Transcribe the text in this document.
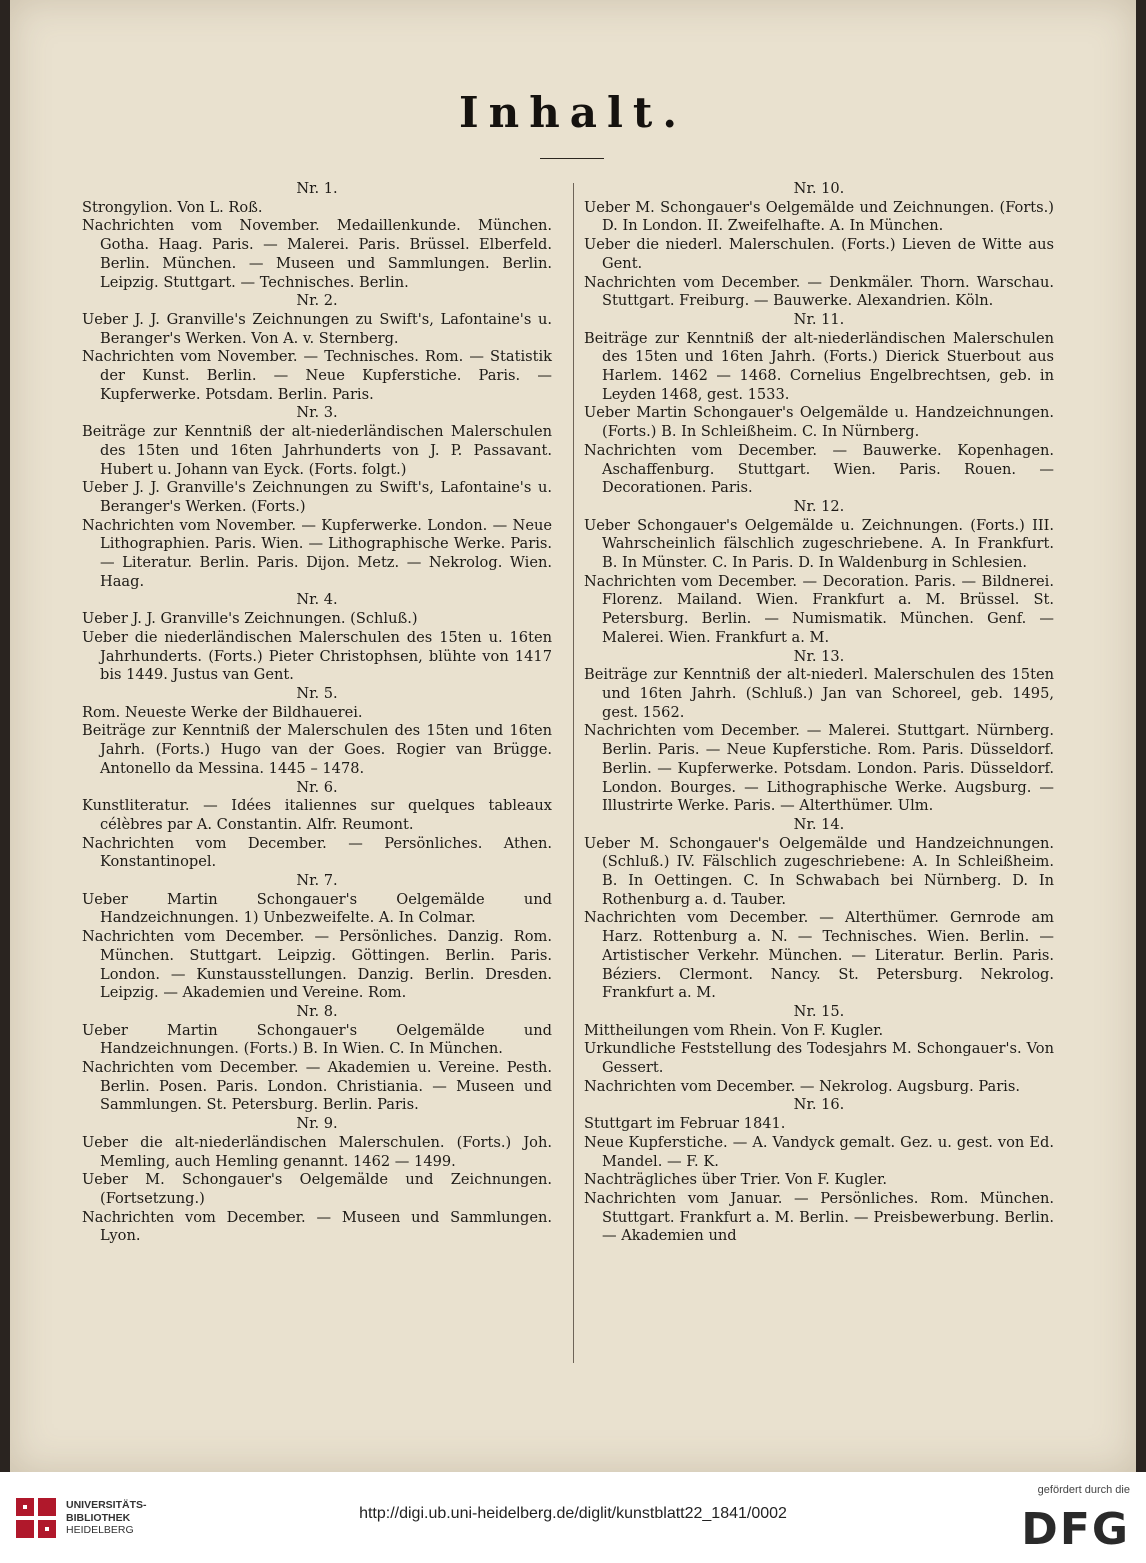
Inhalt.

Nr. 1.

Strongylion. Von L. Roß.

Nachrichten vom November. Medaillenkunde. München. Gotha. Haag. Paris. — Malerei. Paris. Brüssel. Elberfeld. Berlin. München. — Museen und Sammlungen. Berlin. Leipzig. Stuttgart. — Technisches. Berlin.

Nr. 2.

Ueber J. J. Granville's Zeichnungen zu Swift's, Lafontaine's u. Beranger's Werken. Von A. v. Sternberg.

Nachrichten vom November. — Technisches. Rom. — Statistik der Kunst. Berlin. — Neue Kupferstiche. Paris. — Kupferwerke. Potsdam. Berlin. Paris.

Nr. 3.

Beiträge zur Kenntniß der alt-niederländischen Malerschulen des 15ten und 16ten Jahrhunderts von J. P. Passavant. Hubert u. Johann van Eyck. (Forts. folgt.)

Ueber J. J. Granville's Zeichnungen zu Swift's, Lafontaine's u. Beranger's Werken. (Forts.)

Nachrichten vom November. — Kupferwerke. London. — Neue Lithographien. Paris. Wien. — Lithographische Werke. Paris. — Literatur. Berlin. Paris. Dijon. Metz. — Nekrolog. Wien. Haag.

Nr. 4.

Ueber J. J. Granville's Zeichnungen. (Schluß.)

Ueber die niederländischen Malerschulen des 15ten u. 16ten Jahrhunderts. (Forts.) Pieter Christophsen, blühte von 1417 bis 1449. Justus van Gent.

Nr. 5.

Rom. Neueste Werke der Bildhauerei.

Beiträge zur Kenntniß der Malerschulen des 15ten und 16ten Jahrh. (Forts.) Hugo van der Goes. Rogier van Brügge. Antonello da Messina. 1445 – 1478.

Nr. 6.

Kunstliteratur. — Idées italiennes sur quelques tableaux célèbres par A. Constantin. Alfr. Reumont.

Nachrichten vom December. — Persönliches. Athen. Konstantinopel.

Nr. 7.

Ueber Martin Schongauer's Oelgemälde und Handzeichnungen. 1) Unbezweifelte. A. In Colmar.

Nachrichten vom December. — Persönliches. Danzig. Rom. München. Stuttgart. Leipzig. Göttingen. Berlin. Paris. London. — Kunstausstellungen. Danzig. Berlin. Dresden. Leipzig. — Akademien und Vereine. Rom.

Nr. 8.

Ueber Martin Schongauer's Oelgemälde und Handzeichnungen. (Forts.) B. In Wien. C. In München.

Nachrichten vom December. — Akademien u. Vereine. Pesth. Berlin. Posen. Paris. London. Christiania. — Museen und Sammlungen. St. Petersburg. Berlin. Paris.

Nr. 9.

Ueber die alt-niederländischen Malerschulen. (Forts.) Joh. Memling, auch Hemling genannt. 1462 — 1499.

Ueber M. Schongauer's Oelgemälde und Zeichnungen. (Fortsetzung.)

Nachrichten vom December. — Museen und Sammlungen. Lyon.

Nr. 10.

Ueber M. Schongauer's Oelgemälde und Zeichnungen. (Forts.) D. In London. II. Zweifelhafte. A. In München.

Ueber die niederl. Malerschulen. (Forts.) Lieven de Witte aus Gent.

Nachrichten vom December. — Denkmäler. Thorn. Warschau. Stuttgart. Freiburg. — Bauwerke. Alexandrien. Köln.

Nr. 11.

Beiträge zur Kenntniß der alt-niederländischen Malerschulen des 15ten und 16ten Jahrh. (Forts.) Dierick Stuerbout aus Harlem. 1462 — 1468. Cornelius Engelbrechtsen, geb. in Leyden 1468, gest. 1533.

Ueber Martin Schongauer's Oelgemälde u. Handzeichnungen. (Forts.) B. In Schleißheim. C. In Nürnberg.

Nachrichten vom December. — Bauwerke. Kopenhagen. Aschaffenburg. Stuttgart. Wien. Paris. Rouen. — Decorationen. Paris.

Nr. 12.

Ueber Schongauer's Oelgemälde u. Zeichnungen. (Forts.) III. Wahrscheinlich fälschlich zugeschriebene. A. In Frankfurt. B. In Münster. C. In Paris. D. In Waldenburg in Schlesien.

Nachrichten vom December. — Decoration. Paris. — Bildnerei. Florenz. Mailand. Wien. Frankfurt a. M. Brüssel. St. Petersburg. Berlin. — Numismatik. München. Genf. — Malerei. Wien. Frankfurt a. M.

Nr. 13.

Beiträge zur Kenntniß der alt-niederl. Malerschulen des 15ten und 16ten Jahrh. (Schluß.) Jan van Schoreel, geb. 1495, gest. 1562.

Nachrichten vom December. — Malerei. Stuttgart. Nürnberg. Berlin. Paris. — Neue Kupferstiche. Rom. Paris. Düsseldorf. Berlin. — Kupferwerke. Potsdam. London. Paris. Düsseldorf. London. Bourges. — Lithographische Werke. Augsburg. — Illustrirte Werke. Paris. — Alterthümer. Ulm.

Nr. 14.

Ueber M. Schongauer's Oelgemälde und Handzeichnungen. (Schluß.) IV. Fälschlich zugeschriebene: A. In Schleißheim. B. In Oettingen. C. In Schwabach bei Nürnberg. D. In Rothenburg a. d. Tauber.

Nachrichten vom December. — Alterthümer. Gernrode am Harz. Rottenburg a. N. — Technisches. Wien. Berlin. — Artistischer Verkehr. München. — Literatur. Berlin. Paris. Béziers. Clermont. Nancy. St. Petersburg. Nekrolog. Frankfurt a. M.

Nr. 15.

Mittheilungen vom Rhein. Von F. Kugler.

Urkundliche Feststellung des Todesjahrs M. Schongauer's. Von Gessert.

Nachrichten vom December. — Nekrolog. Augsburg. Paris.

Nr. 16.

Stuttgart im Februar 1841.

Neue Kupferstiche. — A. Vandyck gemalt. Gez. u. gest. von Ed. Mandel. — F. K.

Nachträgliches über Trier. Von F. Kugler.

Nachrichten vom Januar. — Persönliches. Rom. München. Stuttgart. Frankfurt a. M. Berlin. — Preisbewerbung. Berlin. — Akademien und

UNIVERSITÄTS-
BIBLIOTHEK
HEIDELBERG
http://digi.ub.uni-heidelberg.de/diglit/kunstblatt22_1841/0002
gefördert durch die
DFG
